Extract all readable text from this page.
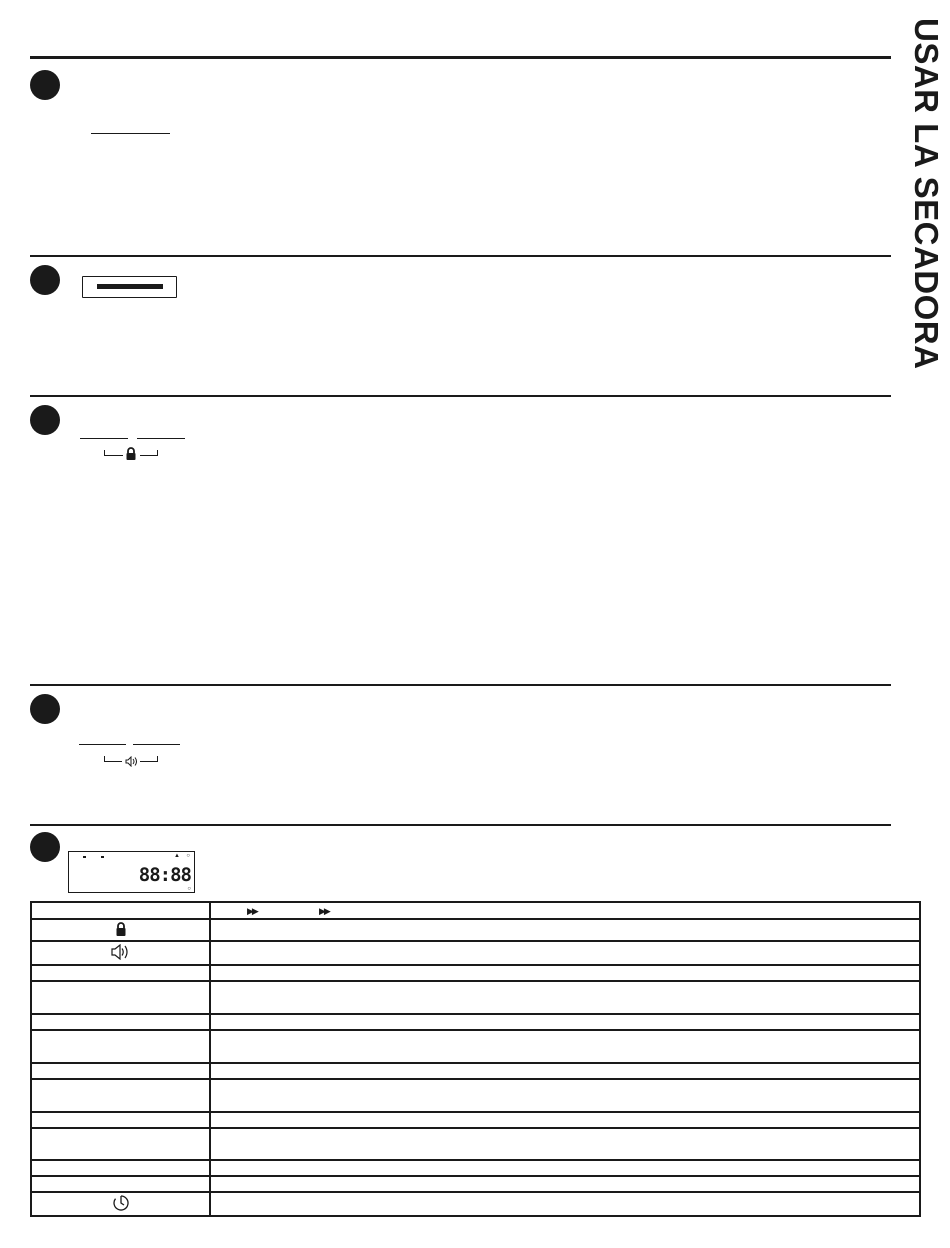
USAR LA SECADORA
▲ ○
88:88
○
	▶▶ ▶▶
